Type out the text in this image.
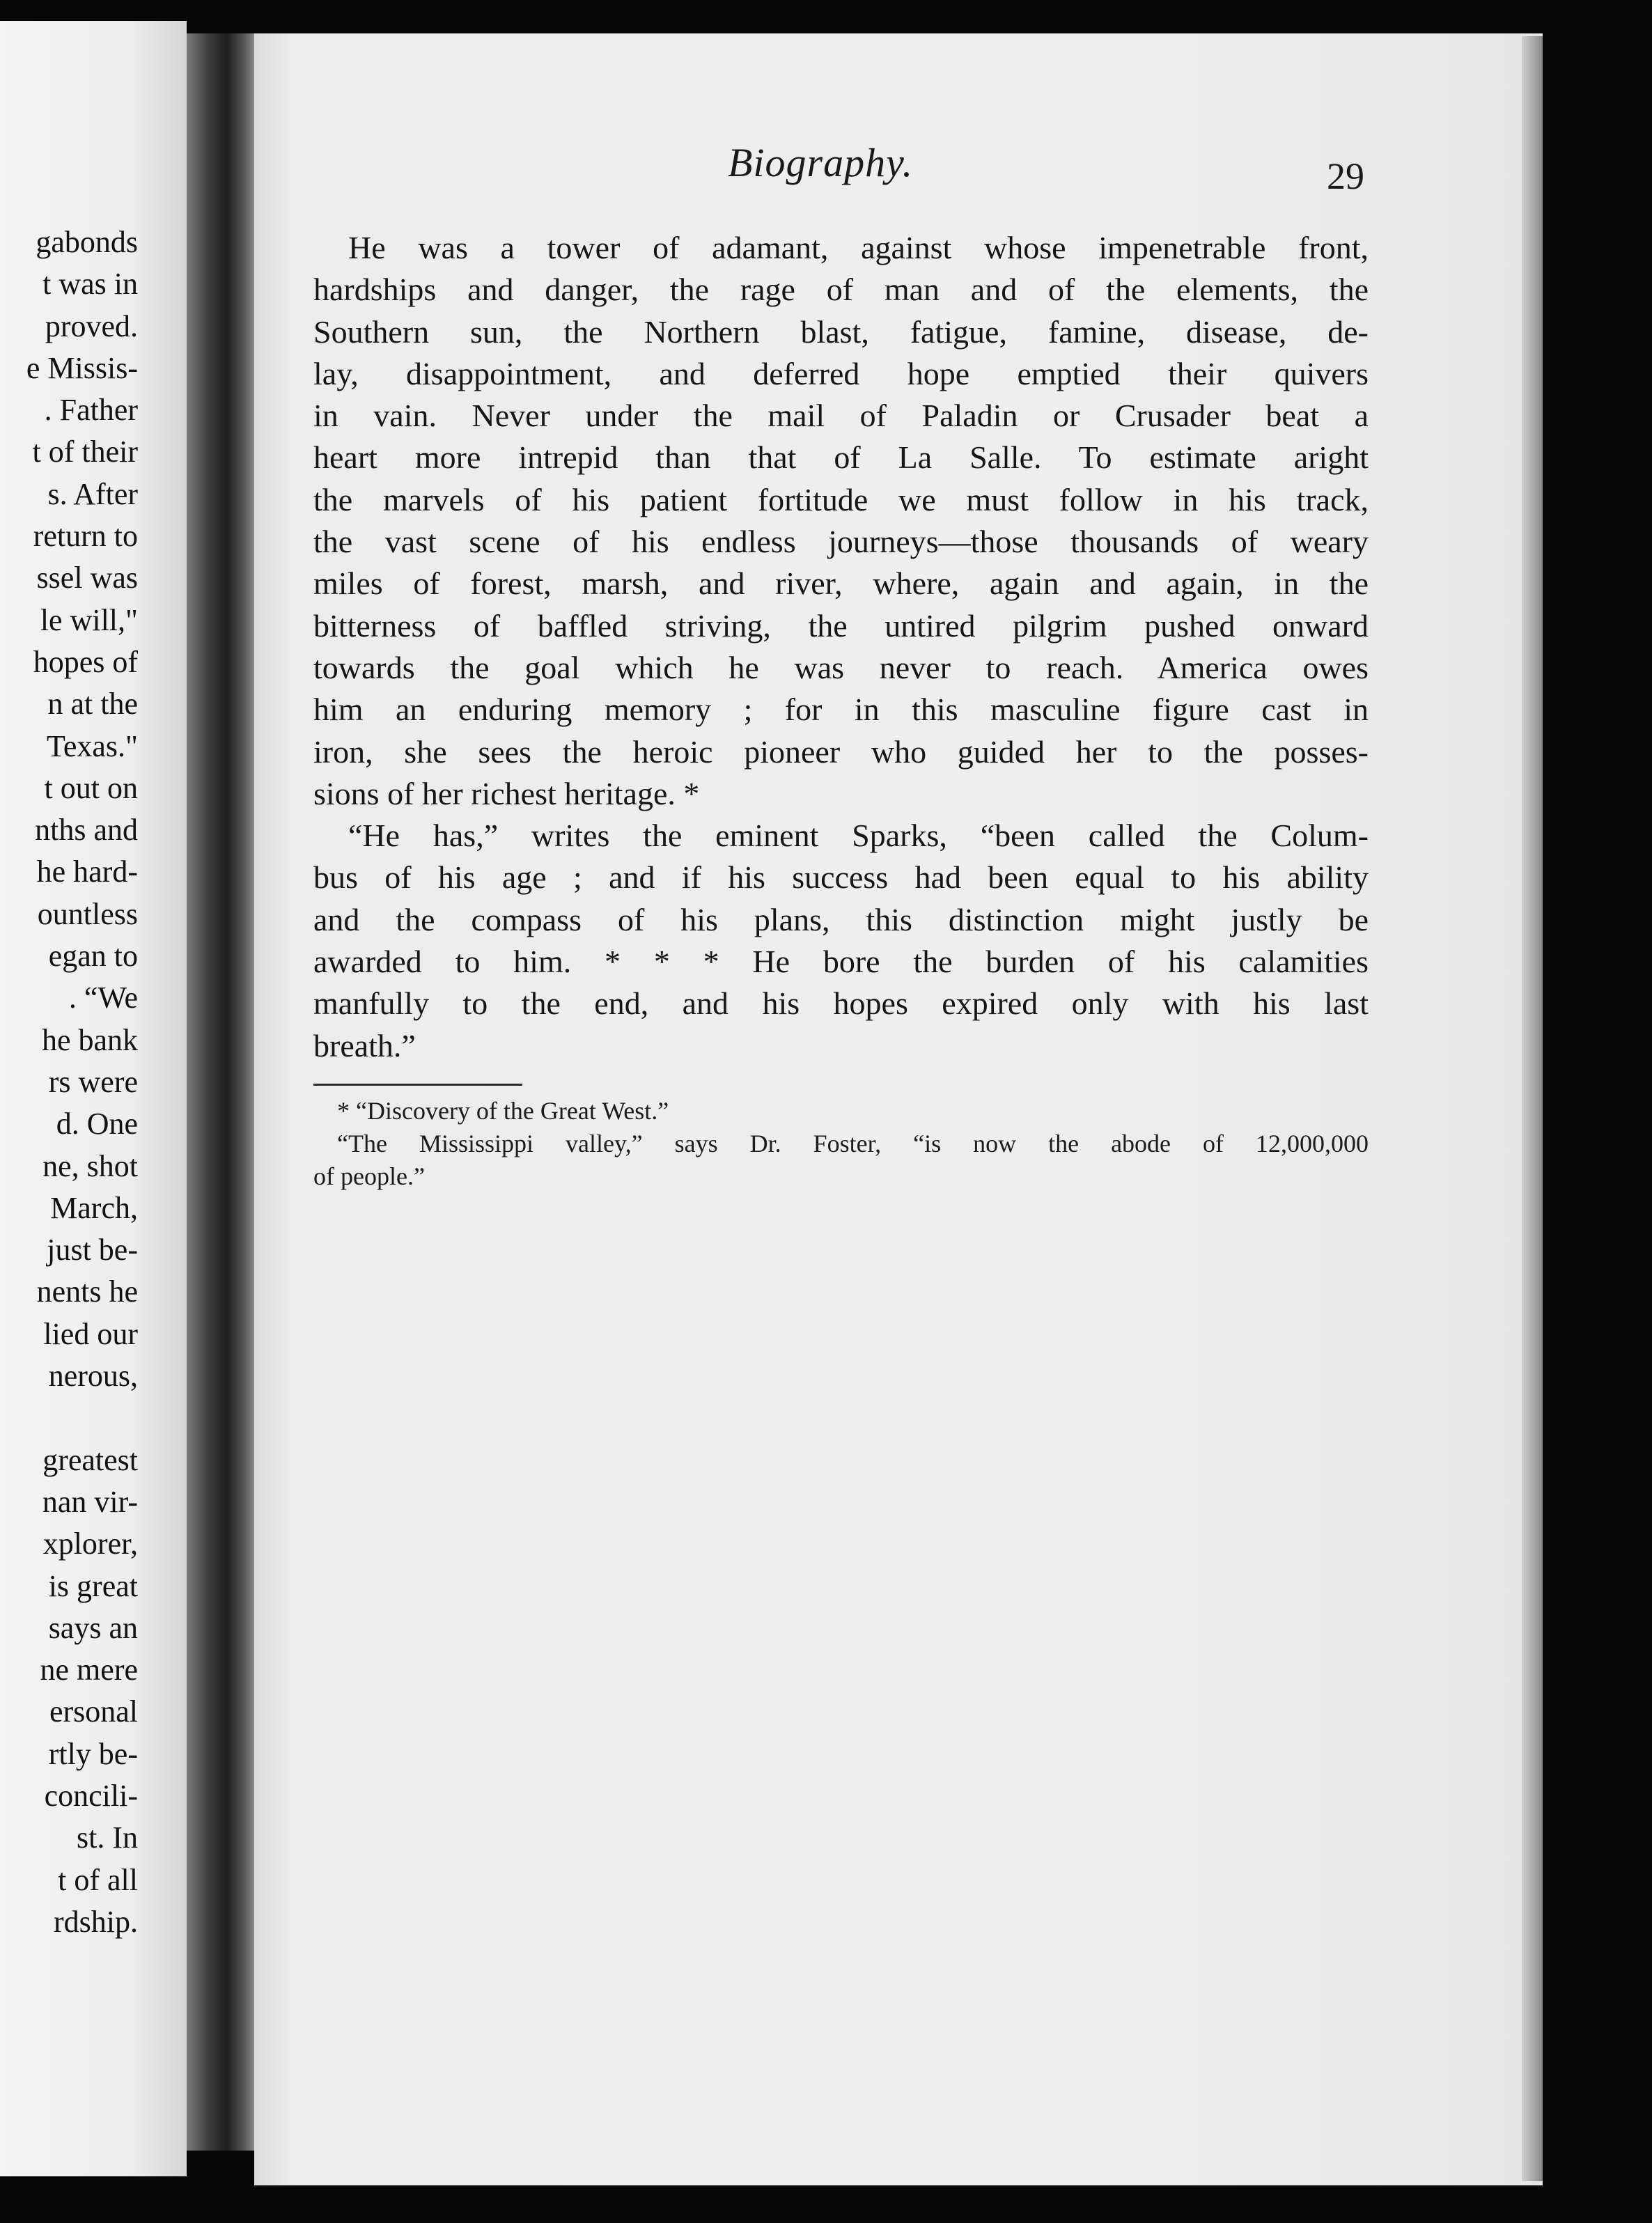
gabonds
t was in
proved.
e Missis-
. Father
t of their
s. After
return to
ssel was
le will,"
hopes of
n at the
Texas."
t out on
nths and
he hard-
ountless
egan to
. “We
he bank
rs were
d. One
ne, shot
March,
just be-
nents he
lied our
nerous,
greatest
nan vir-
xplorer,
is great
says an
ne mere
ersonal
rtly be-
concili-
st. In
t of all
rdship.
Biography.	29
He was a tower of adamant, against whose impenetrable front,
hardships and danger, the rage of man and of the elements, the
Southern sun, the Northern blast, fatigue, famine, disease, de-
lay, disappointment, and deferred hope emptied their quivers
in vain. Never under the mail of Paladin or Crusader beat a
heart more intrepid than that of La Salle. To estimate aright
the marvels of his patient fortitude we must follow in his track,
the vast scene of his endless journeys—those thousands of weary
miles of forest, marsh, and river, where, again and again, in the
bitterness of baffled striving, the untired pilgrim pushed onward
towards the goal which he was never to reach. America owes
him an enduring memory ; for in this masculine figure cast in
iron, she sees the heroic pioneer who guided her to the posses-
sions of her richest heritage. *
“He has,” writes the eminent Sparks, “been called the Colum-
bus of his age ; and if his success had been equal to his ability
and the compass of his plans, this distinction might justly be
awarded to him. * * * He bore the burden of his calamities
manfully to the end, and his hopes expired only with his last
breath.”
* “Discovery of the Great West.”
“The Mississippi valley,” says Dr. Foster, “is now the abode of 12,000,000
of people.”
